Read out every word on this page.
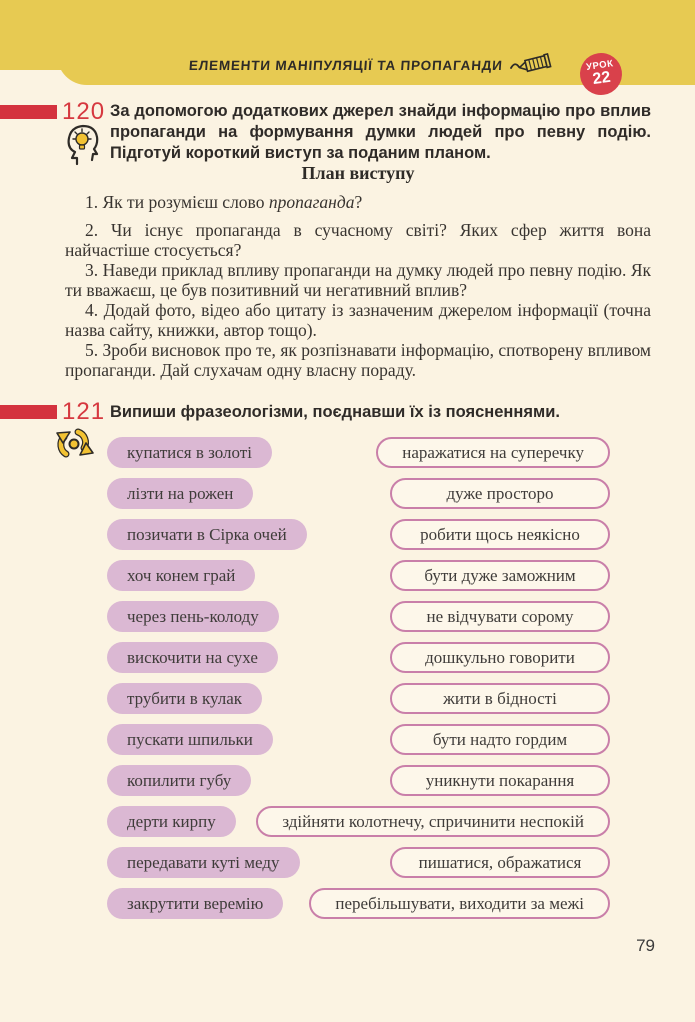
ЕЛЕМЕНТИ МАНІПУЛЯЦІЇ ТА ПРОПАГАНДИ	УРОК
22
120 За допомогою додаткових джерел знайди інформацію про вплив пропаганди на формування думки людей про певну подію. Підготуй короткий виступ за поданим планом.
План виступу

1. Як ти розумієш слово пропаганда?

2. Чи існує пропаганда в сучасному світі? Яких сфер життя вона найчастіше стосується?

3. Наведи приклад впливу пропаганди на думку людей про певну подію. Як ти вважаєш, це був позитивний чи негативний вплив?

4. Додай фото, відео або цитату із зазначеним джерелом інформації (точна назва сайту, книжки, автор тощо).

5. Зроби висновок про те, як розпізнавати інформацію, спотворену впливом пропаганди. Дай слухачам одну власну пораду.

121 Випиши фразеологізми, поєднавши їх із поясненнями.
купатися в золоті	наражатися на суперечку
лізти на рожен	дуже просторо
позичати в Сірка очей	робити щось неякісно
хоч конем грай	бути дуже заможним
через пень-колоду	не відчувати сорому
вискочити на сухе	дошкульно говорити
трубити в кулак	жити в бідності
пускати шпильки	бути надто гордим
копилити губу	уникнути покарання
дерти кирпу	здійняти колотнечу, спричинити неспокій
передавати куті меду	пишатися, ображатися
закрутити веремію	перебільшувати, виходити за межі
79
